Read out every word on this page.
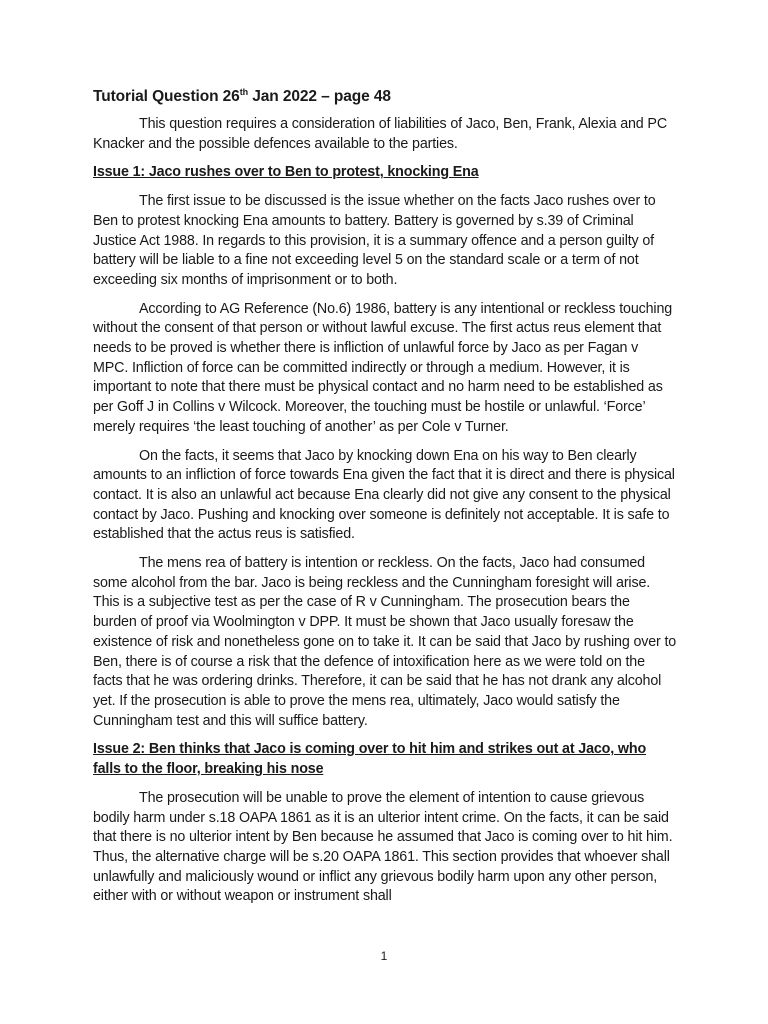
Tutorial Question 26th Jan 2022 – page 48

This question requires a consideration of liabilities of Jaco, Ben, Frank, Alexia and PC Knacker and the possible defences available to the parties.

Issue 1: Jaco rushes over to Ben to protest, knocking Ena

The first issue to be discussed is the issue whether on the facts Jaco rushes over to Ben to protest knocking Ena amounts to battery. Battery is governed by s.39 of Criminal Justice Act 1988. In regards to this provision, it is a summary offence and a person guilty of battery will be liable to a fine not exceeding level 5 on the standard scale or a term of not exceeding six months of imprisonment or to both.

According to AG Reference (No.6) 1986, battery is any intentional or reckless touching without the consent of that person or without lawful excuse. The first actus reus element that needs to be proved is whether there is infliction of unlawful force by Jaco as per Fagan v MPC. Infliction of force can be committed indirectly or through a medium. However, it is important to note that there must be physical contact and no harm need to be established as per Goff J in Collins v Wilcock. Moreover, the touching must be hostile or unlawful. ‘Force’ merely requires ‘the least touching of another’ as per Cole v Turner.

On the facts, it seems that Jaco by knocking down Ena on his way to Ben clearly amounts to an infliction of force towards Ena given the fact that it is direct and there is physical contact. It is also an unlawful act because Ena clearly did not give any consent to the physical contact by Jaco. Pushing and knocking over someone is definitely not acceptable. It is safe to established that the actus reus is satisfied.

The mens rea of battery is intention or reckless. On the facts, Jaco had consumed some alcohol from the bar. Jaco is being reckless and the Cunningham foresight will arise. This is a subjective test as per the case of R v Cunningham. The prosecution bears the burden of proof via Woolmington v DPP. It must be shown that Jaco usually foresaw the existence of risk and nonetheless gone on to take it. It can be said that Jaco by rushing over to Ben, there is of course a risk that the defence of intoxification here as we were told on the facts that he was ordering drinks. Therefore, it can be said that he has not drank any alcohol yet. If the prosecution is able to prove the mens rea, ultimately, Jaco would satisfy the Cunningham test and this will suffice battery.

Issue 2: Ben thinks that Jaco is coming over to hit him and strikes out at Jaco, who falls to the floor, breaking his nose

The prosecution will be unable to prove the element of intention to cause grievous bodily harm under s.18 OAPA 1861 as it is an ulterior intent crime. On the facts, it can be said that there is no ulterior intent by Ben because he assumed that Jaco is coming over to hit him. Thus, the alternative charge will be s.20 OAPA 1861. This section provides that whoever shall unlawfully and maliciously wound or inflict any grievous bodily harm upon any other person, either with or without weapon or instrument shall

1
